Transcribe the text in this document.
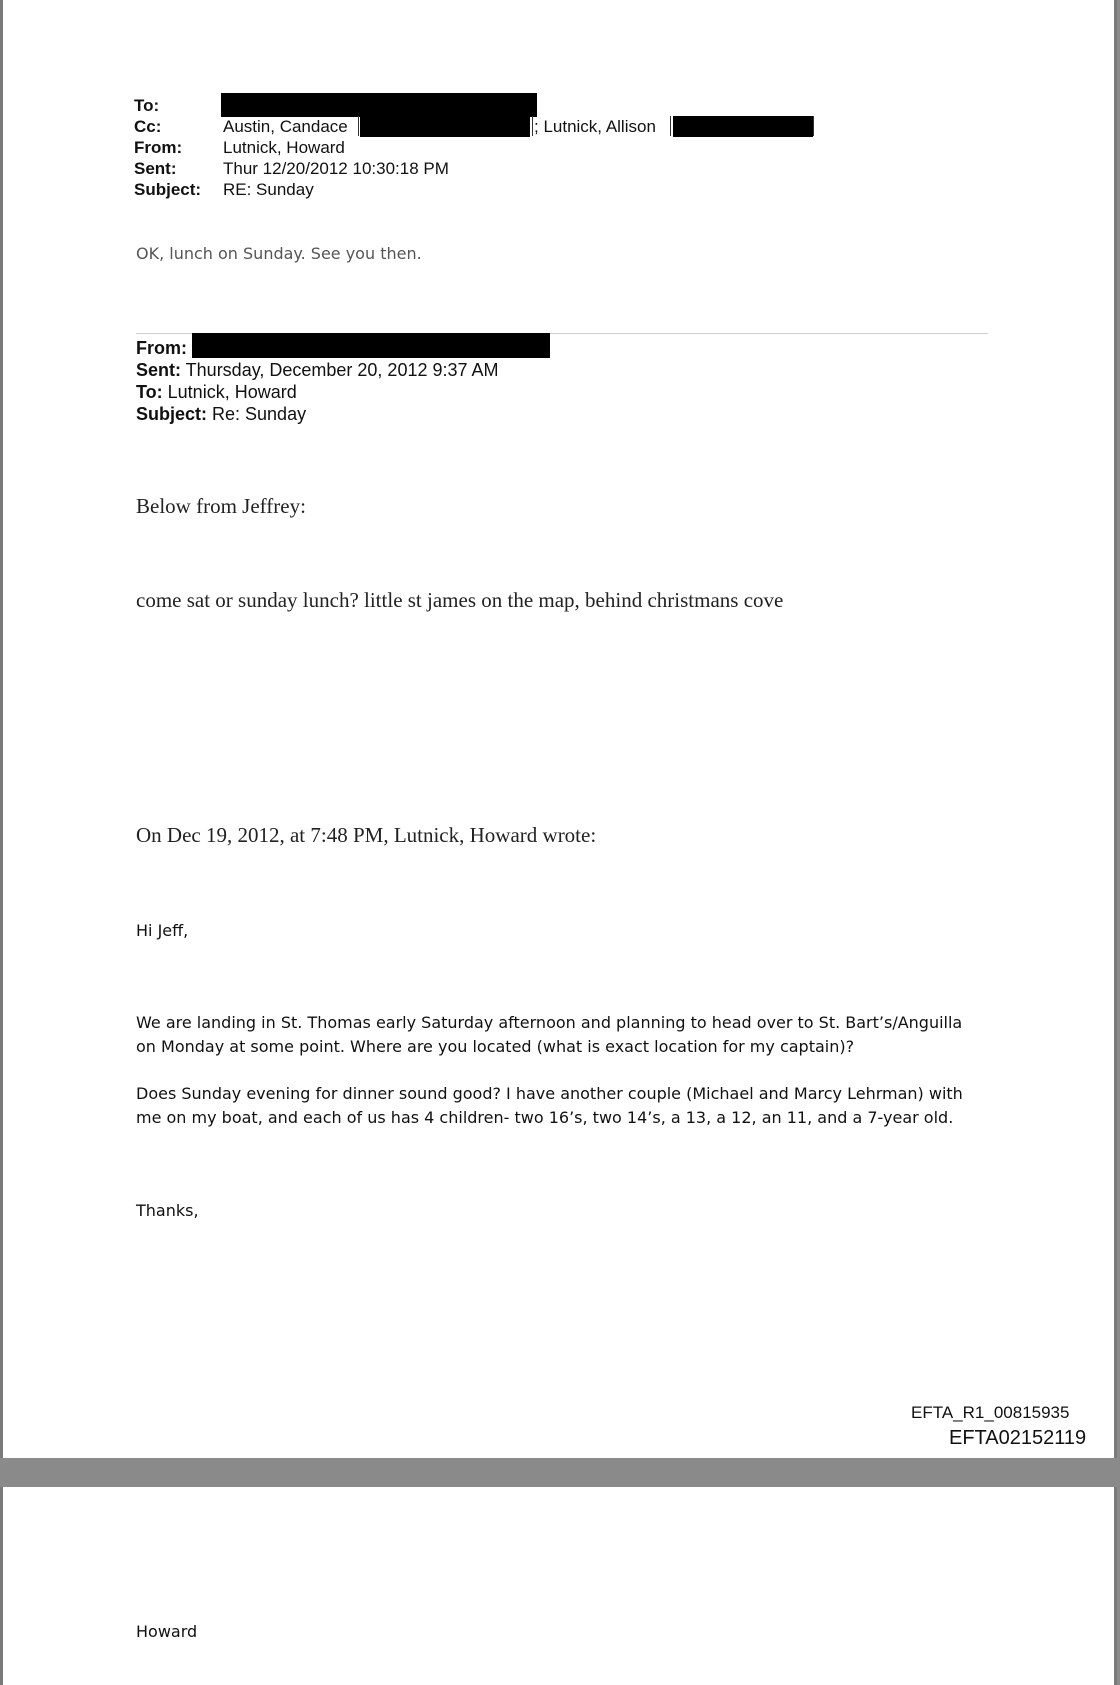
To:
Cc:	Austin, Candace	; Lutnick, Allison
From: Lutnick, Howard
Sent:	Thur 12/20/2012 10:30:18 PM
Subject: RE: Sunday
OK, lunch on Sunday. See you then.
From:
Sent: Thursday, December 20, 2012 9:37 AM
To: Lutnick, Howard
Subject: Re: Sunday
Below from Jeffrey:
come sat or sunday lunch? little st james on the map, behind christmans cove
On Dec 19, 2012, at 7:48 PM, Lutnick, Howard wrote:
Hi Jeff,
We are landing in St. Thomas early Saturday afternoon and planning to head over to St. Bart’s/Anguilla
on Monday at some point. Where are you located (what is exact location for my captain)?
Does Sunday evening for dinner sound good? I have another couple (Michael and Marcy Lehrman) with
me on my boat, and each of us has 4 children- two 16’s, two 14’s, a 13, a 12, an 11, and a 7-year old.
Thanks,
EFTA_R1_00815935
EFTA02152119
Howard
